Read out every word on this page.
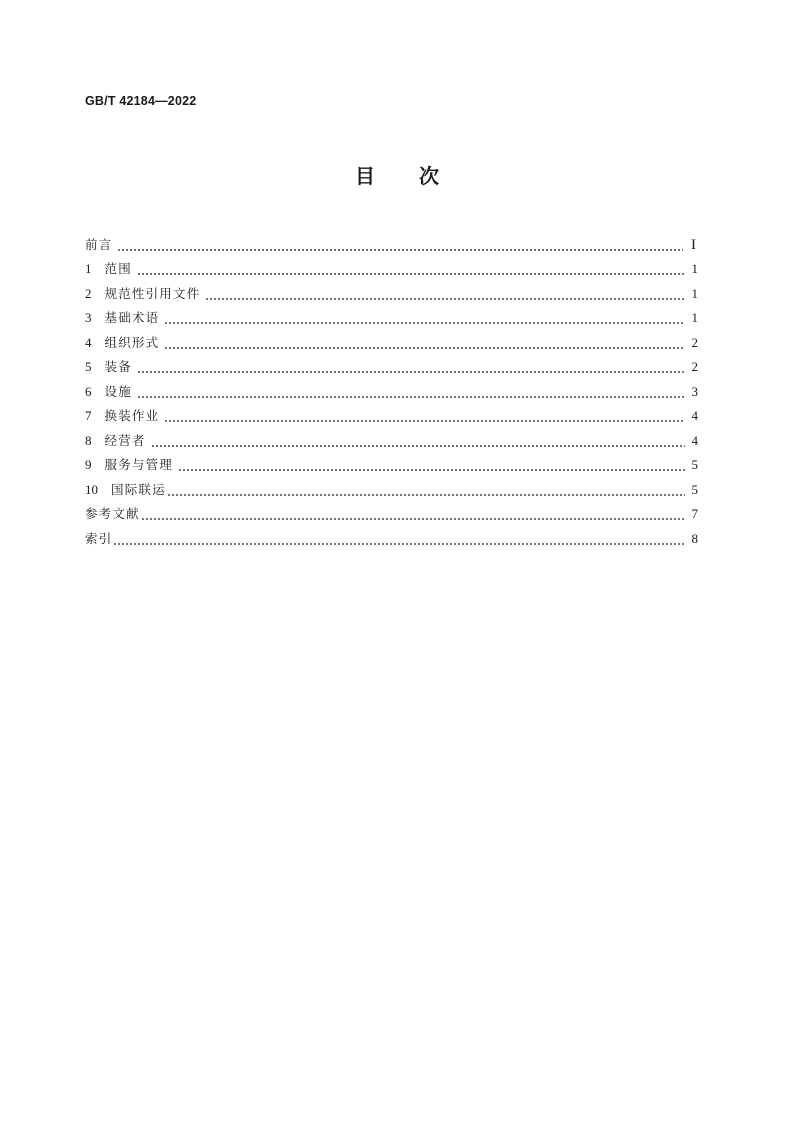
GB/T 42184—2022
目次
前言	I
1	范围	1
2	规范性引用文件	1
3	基础术语	1
4	组织形式	2
5	装备	2
6	设施	3
7	换装作业	4
8	经营者	4
9	服务与管理	5
10	国际联运	5
参考文献	7
索引	8
